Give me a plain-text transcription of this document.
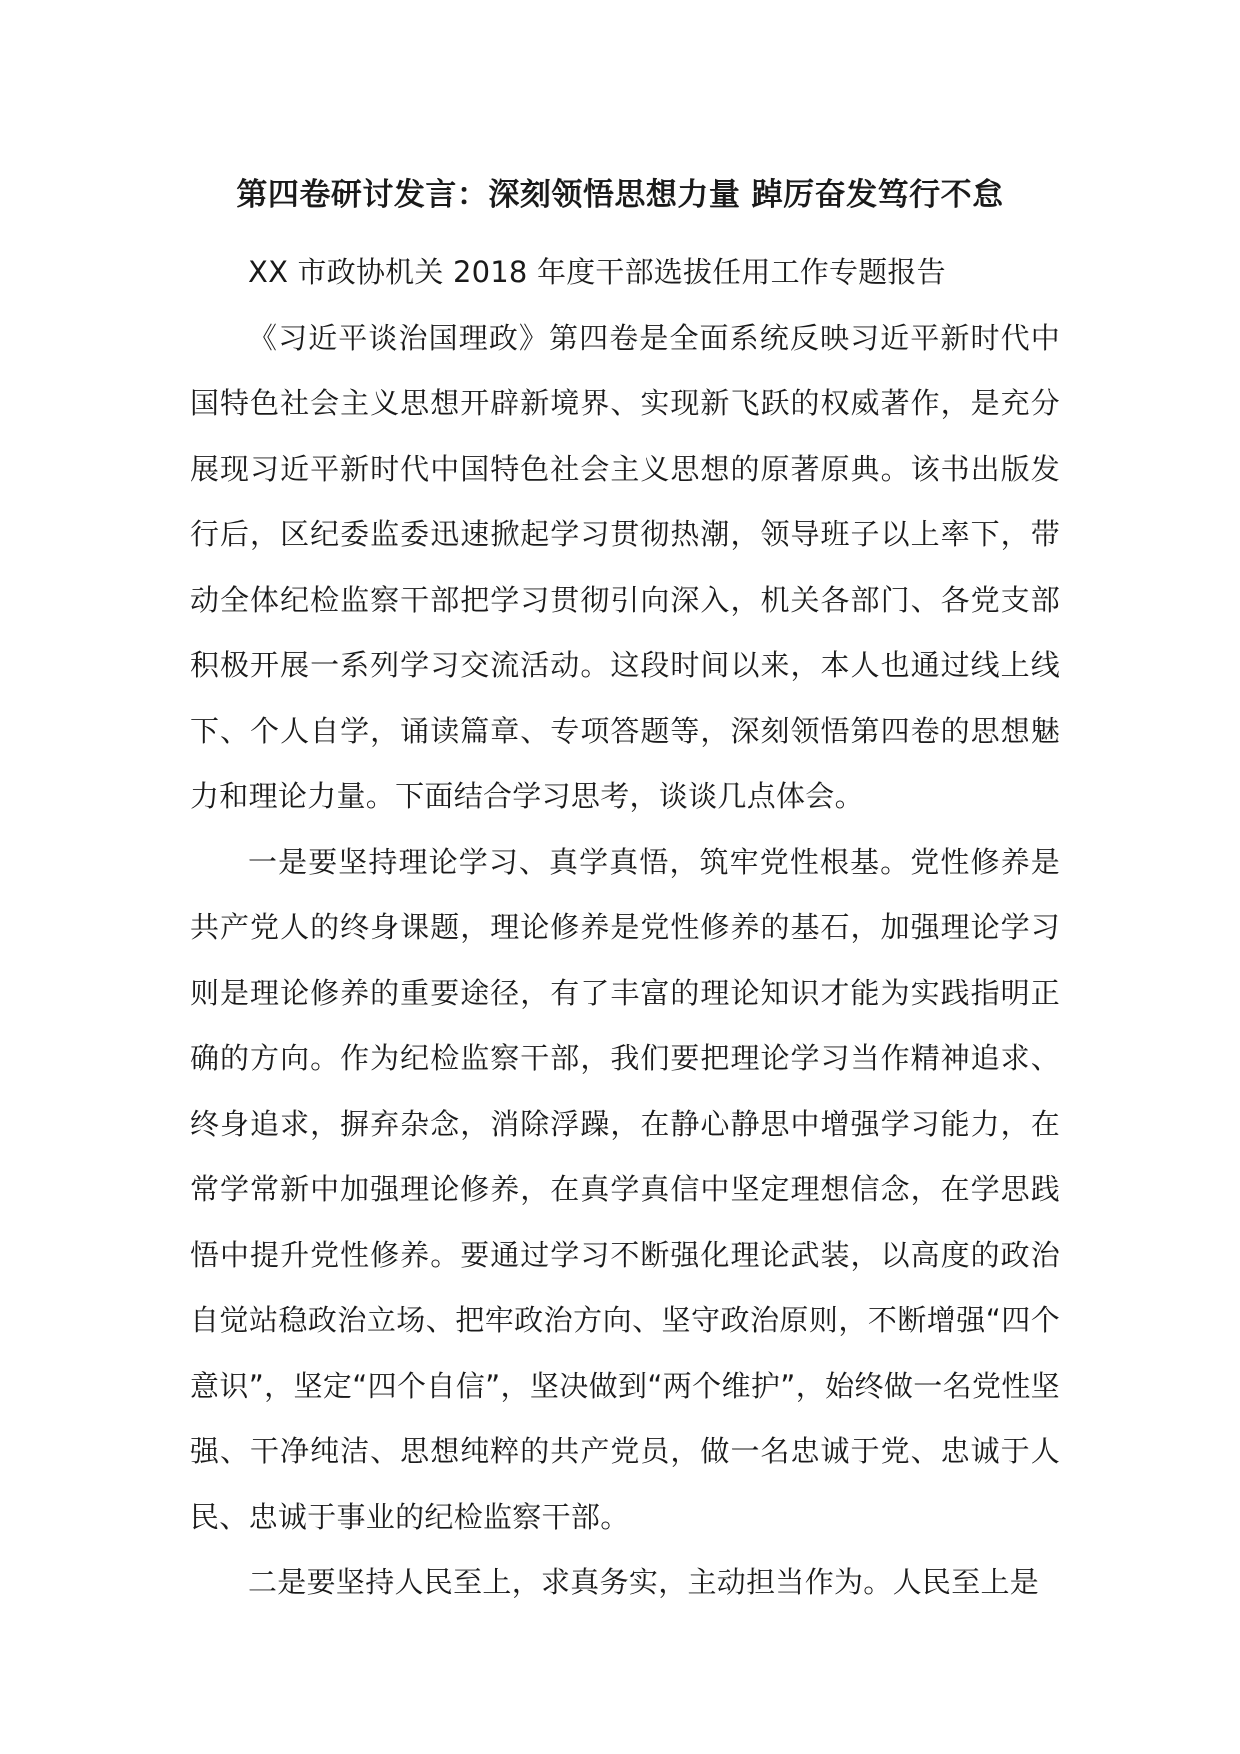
第四卷研讨发言：深刻领悟思想力量 踔厉奋发笃行不怠

XX 市政协机关 2018 年度干部选拔任用工作专题报告

《习近平谈治国理政》第四卷是全面系统反映习近平新时代中国特色社会主义思想开辟新境界、实现新飞跃的权威著作，是充分展现习近平新时代中国特色社会主义思想的原著原典。该书出版发行后，区纪委监委迅速掀起学习贯彻热潮，领导班子以上率下，带动全体纪检监察干部把学习贯彻引向深入，机关各部门、各党支部积极开展一系列学习交流活动。这段时间以来，本人也通过线上线下、个人自学，诵读篇章、专项答题等，深刻领悟第四卷的思想魅力和理论力量。下面结合学习思考，谈谈几点体会。

一是要坚持理论学习、真学真悟，筑牢党性根基。党性修养是共产党人的终身课题，理论修养是党性修养的基石，加强理论学习则是理论修养的重要途径，有了丰富的理论知识才能为实践指明正确的方向。作为纪检监察干部，我们要把理论学习当作精神追求、终身追求，摒弃杂念，消除浮躁，在静心静思中增强学习能力，在常学常新中加强理论修养，在真学真信中坚定理想信念，在学思践悟中提升党性修养。要通过学习不断强化理论武装，以高度的政治自觉站稳政治立场、把牢政治方向、坚守政治原则，不断增强“四个意识”，坚定“四个自信”，坚决做到“两个维护”，始终做一名党性坚强、干净纯洁、思想纯粹的共产党员，做一名忠诚于党、忠诚于人民、忠诚于事业的纪检监察干部。

二是要坚持人民至上，求真务实，主动担当作为。人民至上是
